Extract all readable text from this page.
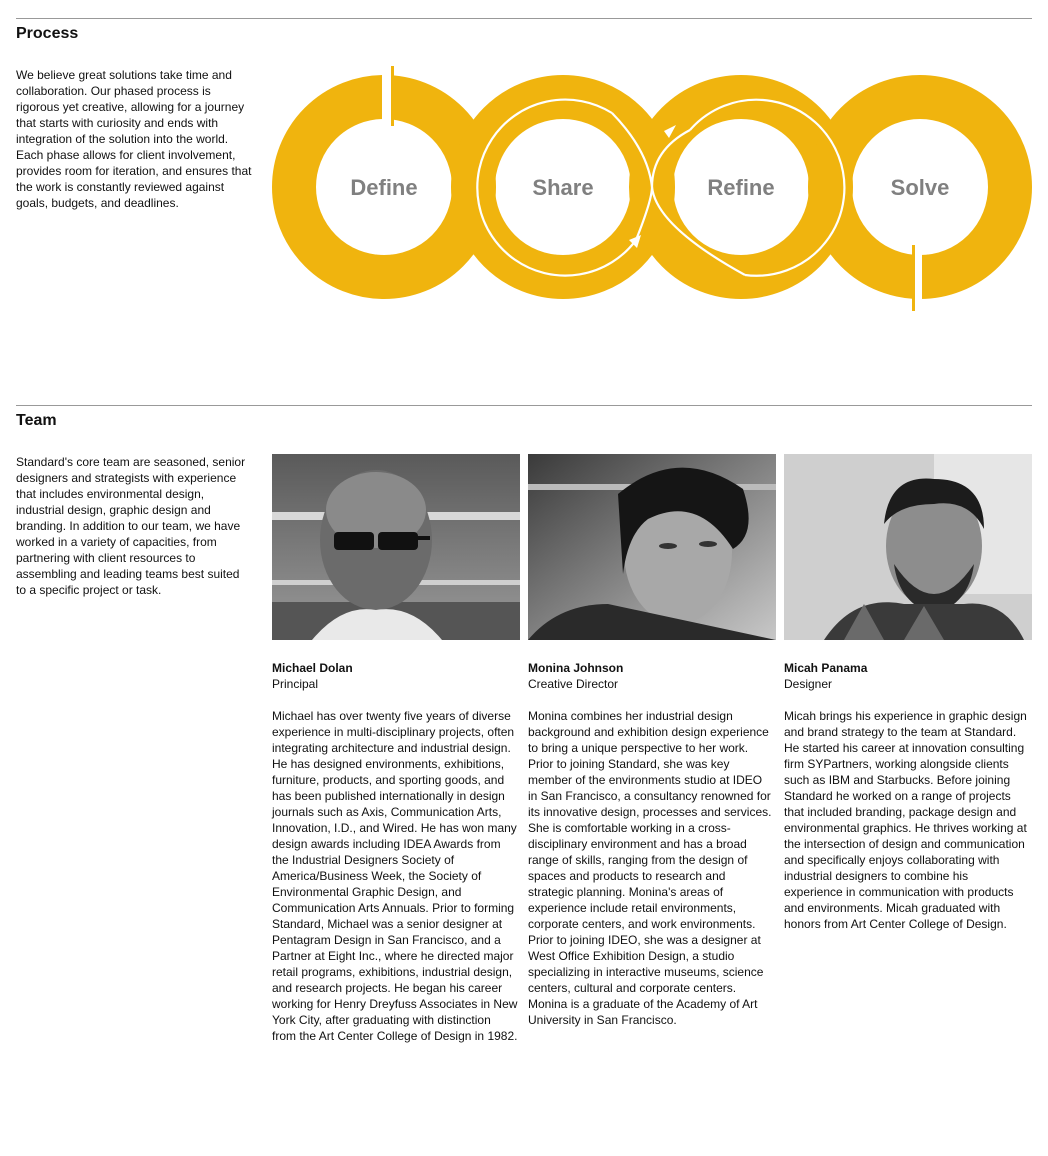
Process

We believe great solutions take time and collaboration. Our phased process is rigorous yet creative, allowing for a journey that starts with curiosity and ends with integration of the solution into the world. Each phase allows for client involvement, provides room for iteration, and ensures that the work is constantly reviewed against goals, budgets, and deadlines.

Define	Share	Refine	Solve
Team

Standard's core team are seasoned, senior designers and strategists with experience that includes environmental design, industrial design, graphic design and branding. In addition to our team, we have worked in a variety of capacities, from partnering with client resources to assembling and leading teams best suited to a specific project or task.

Michael Dolan
Principal

Michael has over twenty five years of diverse experience in multi-disciplinary projects, often integrating architecture and industrial design. He has designed environments, exhibitions, furniture, products, and sporting goods, and has been published internationally in design journals such as Axis, Communication Arts, Innovation, I.D., and Wired. He has won many design awards including IDEA Awards from the Industrial Designers Society of America/Business Week, the Society of Environmental Graphic Design, and Communication Arts Annuals. Prior to forming Standard, Michael was a senior designer at Pentagram Design in San Francisco, and a Partner at Eight Inc., where he directed major retail programs, exhibitions, industrial design, and research projects. He began his career working for Henry Dreyfuss Associates in New York City, after graduating with distinction from the Art Center College of Design in 1982.

Monina Johnson
Creative Director

Monina combines her industrial design background and exhibition design experience to bring a unique perspective to her work. Prior to joining Standard, she was key member of the environments studio at IDEO in San Francisco, a consultancy renowned for its innovative design, processes and services. She is comfortable working in a cross-disciplinary environment and has a broad range of skills, ranging from the design of spaces and products to research and strategic planning. Monina's areas of experience include retail environments, corporate centers, and work environments. Prior to joining IDEO, she was a designer at West Office Exhibition Design, a studio specializing in interactive museums, science centers, cultural and corporate centers. Monina is a graduate of the Academy of Art University in San Francisco.

Micah Panama
Designer

Micah brings his experience in graphic design and brand strategy to the team at Standard. He started his career at innovation consulting firm SYPartners, working alongside clients such as IBM and Starbucks. Before joining Standard he worked on a range of projects that included branding, package design and environmental graphics. He thrives working at the intersection of design and communication and specifically enjoys collaborating with industrial designers to combine his experience in communication with products and environments. Micah graduated with honors from Art Center College of Design.
